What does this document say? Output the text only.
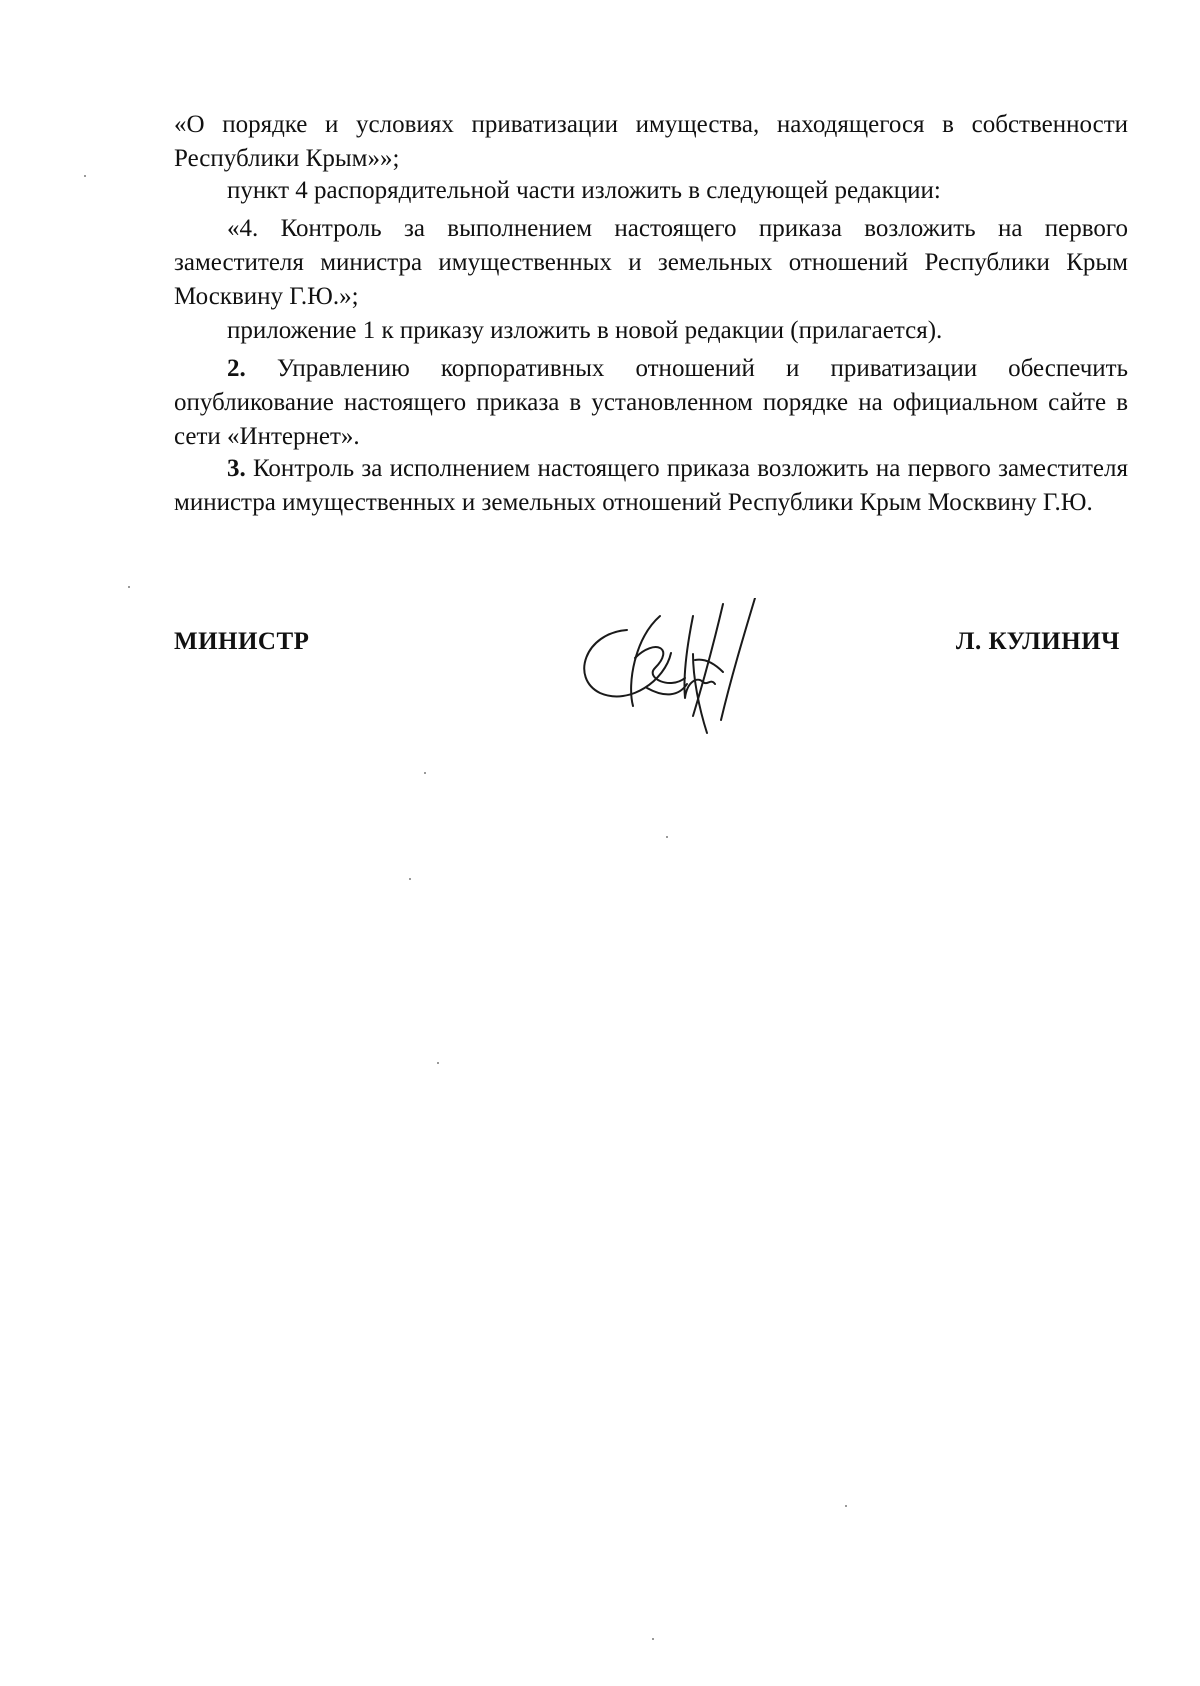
«О порядке и условиях приватизации имущества, находящегося в собственности Республики Крым»»;

пункт 4 распорядительной части изложить в следующей редакции:

«4. Контроль за выполнением настоящего приказа возложить на первого заместителя министра имущественных и земельных отношений Республики Крым Москвину Г.Ю.»;

приложение 1 к приказу изложить в новой редакции (прилагается).

2. Управлению корпоративных отношений и приватизации обеспечить опубликование настоящего приказа в установленном порядке на официальном сайте в сети «Интернет».

3. Контроль за исполнением настоящего приказа возложить на первого заместителя министра имущественных и земельных отношений Республики Крым Москвину Г.Ю.

МИНИСТР	Л. КУЛИНИЧ
